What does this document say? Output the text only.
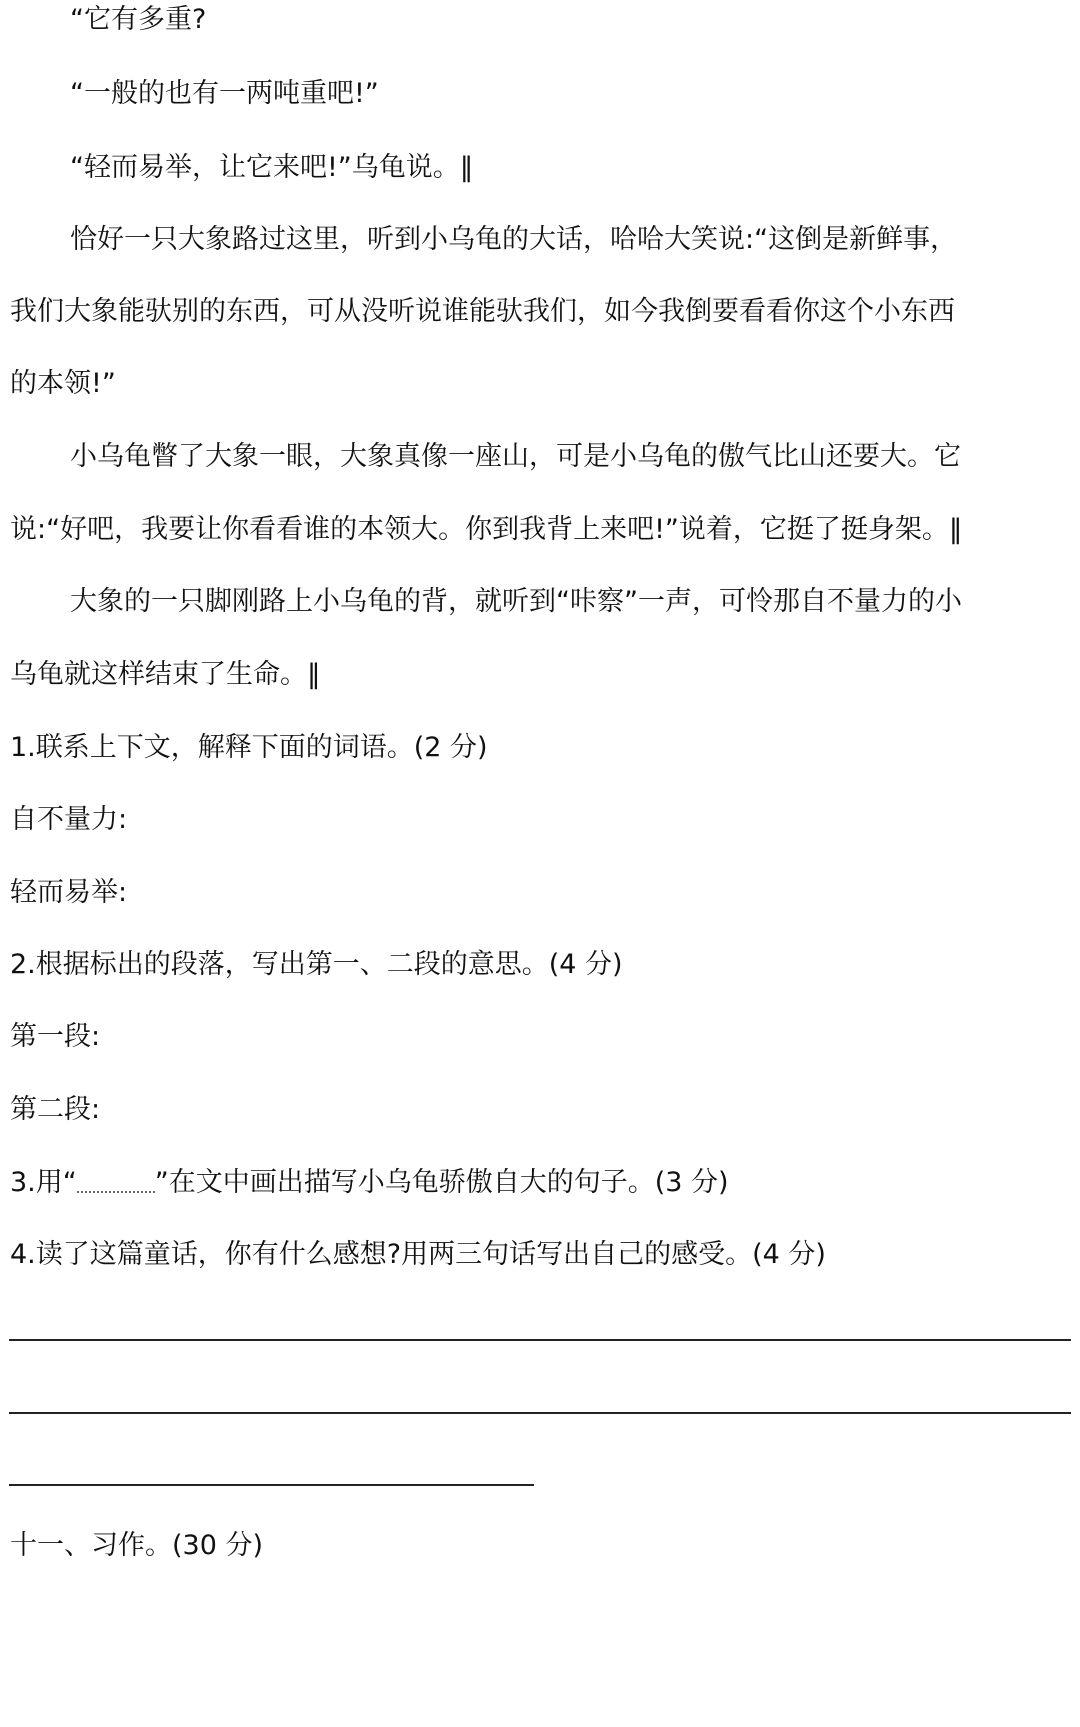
“它有多重?
“一般的也有一两吨重吧!”
“轻而易举，让它来吧!”乌龟说。‖
恰好一只大象路过这里，听到小乌龟的大话，哈哈大笑说:“这倒是新鲜事，
我们大象能驮别的东西，可从没听说谁能驮我们，如今我倒要看看你这个小东西
的本领!”
小乌龟瞥了大象一眼，大象真像一座山，可是小乌龟的傲气比山还要大。它
说:“好吧，我要让你看看谁的本领大。你到我背上来吧!”说着，它挺了挺身架。‖
大象的一只脚刚路上小乌龟的背，就听到“咔察”一声，可怜那自不量力的小
乌龟就这样结束了生命。‖
1.联系上下文，解释下面的词语。(2 分)
自不量力:
轻而易举:
2.根据标出的段落，写出第一、二段的意思。(4 分)
第一段:
第二段:
3.用“	”在文中画出描写小乌龟骄傲自大的句子。(3 分)
4.读了这篇童话，你有什么感想?用两三句话写出自己的感受。(4 分)
十一、习作。(30 分)
